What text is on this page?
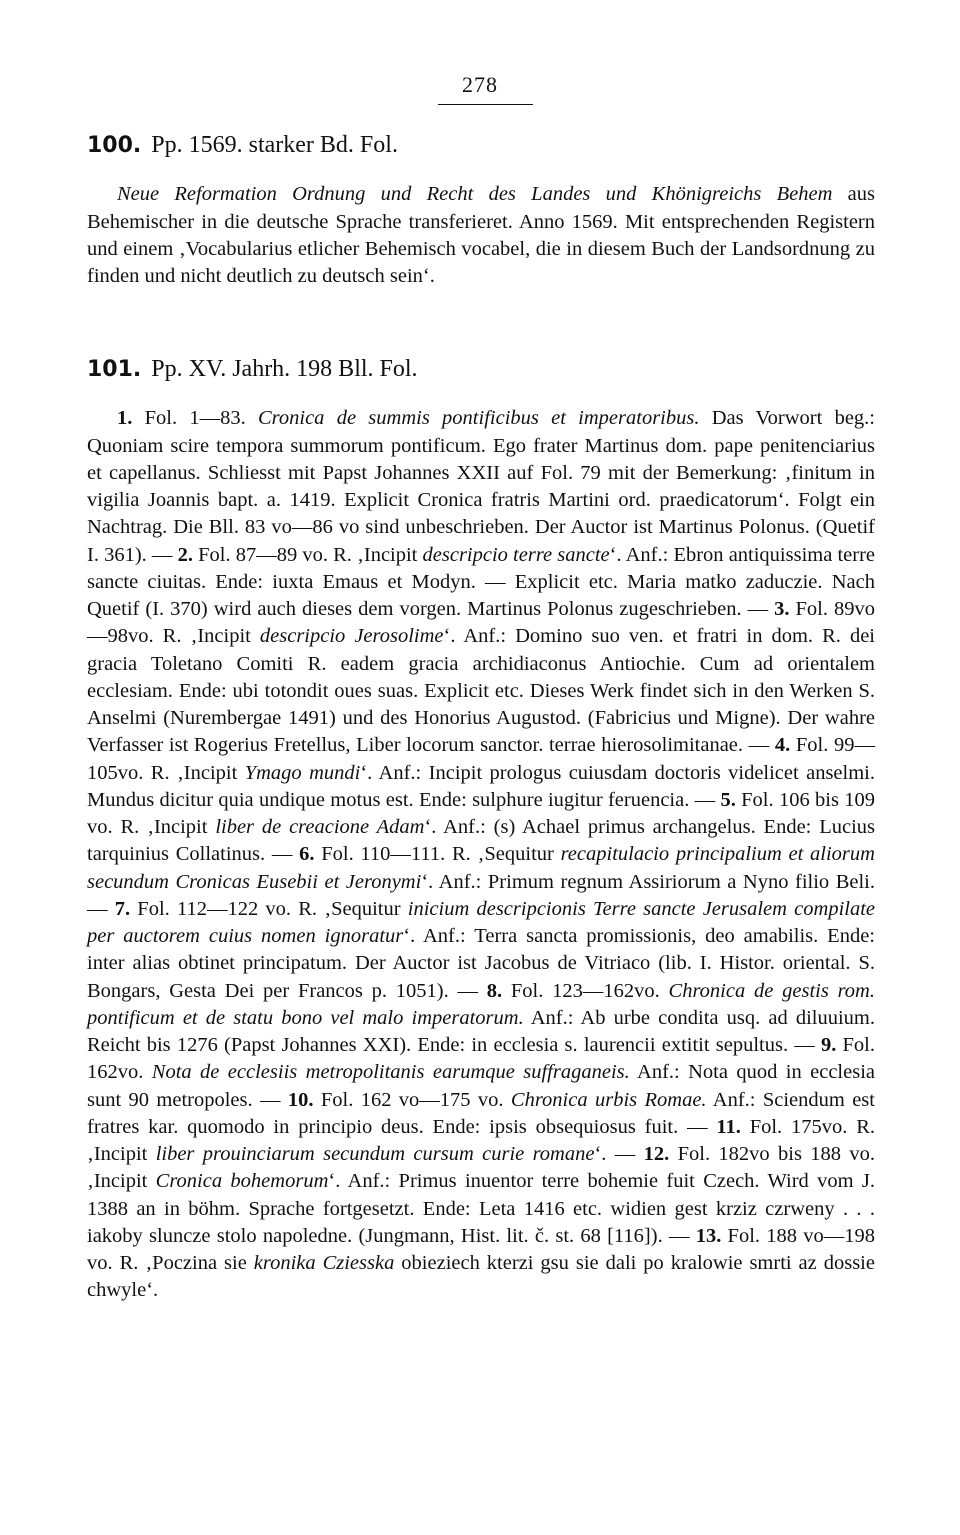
278

100. Pp. 1569. starker Bd. Fol.

Neue Reformation Ordnung und Recht des Landes und Khönigreichs Behem aus Behemischer in die deutsche Sprache transferieret. Anno 1569. Mit entsprechenden Registern und einem ‚Vocabularius etlicher Behemisch vocabel, die in diesem Buch der Landsordnung zu finden und nicht deutlich zu deutsch sein‘.

101. Pp. XV. Jahrh. 198 Bll. Fol.

1. Fol. 1—83. Cronica de summis pontificibus et imperatoribus. Das Vorwort beg.: Quoniam scire tempora summorum pontificum. Ego frater Martinus dom. pape penitenciarius et capellanus. Schliesst mit Papst Johannes XXII auf Fol. 79 mit der Bemerkung: ‚finitum in vigilia Joannis bapt. a. 1419. Explicit Cronica fratris Martini ord. praedicatorum‘. Folgt ein Nachtrag. Die Bll. 83 vo—86 vo sind unbeschrieben. Der Auctor ist Martinus Polonus. (Quetif I. 361). — 2. Fol. 87—89 vo. R. ‚Incipit descripcio terre sancte‘. Anf.: Ebron antiquissima terre sancte ciuitas. Ende: iuxta Emaus et Modyn. — Explicit etc. Maria matko zaduczie. Nach Quetif (I. 370) wird auch dieses dem vorgen. Martinus Polonus zugeschrieben. — 3. Fol. 89vo—98vo. R. ‚Incipit descripcio Jerosolime‘. Anf.: Domino suo ven. et fratri in dom. R. dei gracia Toletano Comiti R. eadem gracia archidiaconus Antiochie. Cum ad orientalem ecclesiam. Ende: ubi totondit oues suas. Explicit etc. Dieses Werk findet sich in den Werken S. Anselmi (Nurembergae 1491) und des Honorius Augustod. (Fabricius und Migne). Der wahre Verfasser ist Rogerius Fretellus, Liber locorum sanctor. terrae hierosolimitanae. — 4. Fol. 99—105vo. R. ‚Incipit Ymago mundi‘. Anf.: Incipit prologus cuiusdam doctoris videlicet anselmi. Mundus dicitur quia undique motus est. Ende: sulphure iugitur feruencia. — 5. Fol. 106 bis 109 vo. R. ‚Incipit liber de creacione Adam‘. Anf.: (s) Achael primus archangelus. Ende: Lucius tarquinius Collatinus. — 6. Fol. 110—111. R. ‚Sequitur recapitulacio principalium et aliorum secundum Cronicas Eusebii et Jeronymi‘. Anf.: Primum regnum Assiriorum a Nyno filio Beli. — 7. Fol. 112—122 vo. R. ‚Sequitur inicium descripcionis Terre sancte Jerusalem compilate per auctorem cuius nomen ignoratur‘. Anf.: Terra sancta promissionis, deo amabilis. Ende: inter alias obtinet principatum. Der Auctor ist Jacobus de Vitriaco (lib. I. Histor. oriental. S. Bongars, Gesta Dei per Francos p. 1051). — 8. Fol. 123—162vo. Chronica de gestis rom. pontificum et de statu bono vel malo imperatorum. Anf.: Ab urbe condita usq. ad diluuium. Reicht bis 1276 (Papst Johannes XXI). Ende: in ecclesia s. laurencii extitit sepultus. — 9. Fol. 162vo. Nota de ecclesiis metropolitanis earumque suffraganeis. Anf.: Nota quod in ecclesia sunt 90 metropoles. — 10. Fol. 162 vo—175 vo. Chronica urbis Romae. Anf.: Sciendum est fratres kar. quomodo in principio deus. Ende: ipsis obsequiosus fuit. — 11. Fol. 175vo. R. ‚Incipit liber prouinciarum secundum cursum curie romane‘. — 12. Fol. 182vo bis 188 vo. ‚Incipit Cronica bohemorum‘. Anf.: Primus inuentor terre bohemie fuit Czech. Wird vom J. 1388 an in böhm. Sprache fortgesetzt. Ende: Leta 1416 etc. widien gest krziz czrweny . . . iakoby sluncze stolo napoledne. (Jungmann, Hist. lit. č. st. 68 [116]). — 13. Fol. 188 vo—198 vo. R. ‚Poczina sie kronika Cziesska obieziech kterzi gsu sie dali po kralowie smrti az dossie chwyle‘.
